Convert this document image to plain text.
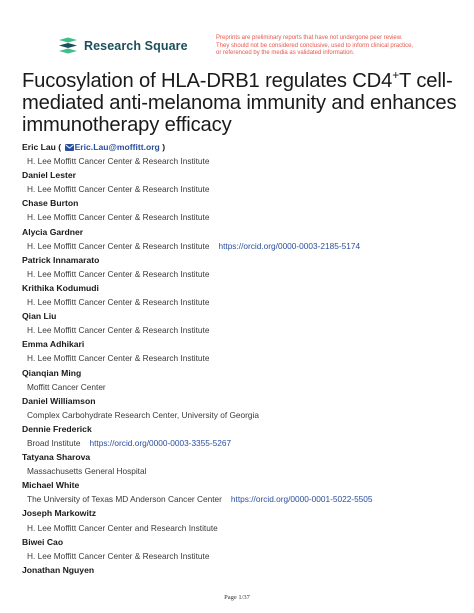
Research Square
Preprints are preliminary reports that have not undergone peer review.
They should not be considered conclusive, used to inform clinical practice,
or referenced by the media as validated information.
Fucosylation of HLA-DRB1 regulates CD4+T cell-
mediated anti-melanoma immunity and enhances
immunotherapy efficacy
Eric Lau ( Eric.Lau@moffitt.org )
H. Lee Moffitt Cancer Center & Research Institute
Daniel Lester
H. Lee Moffitt Cancer Center & Research Institute
Chase Burton
H. Lee Moffitt Cancer Center & Research Institute
Alycia Gardner
H. Lee Moffitt Cancer Center & Research Institute https://orcid.org/0000-0003-2185-5174
Patrick Innamarato
H. Lee Moffitt Cancer Center & Research Institute
Krithika Kodumudi
H. Lee Moffitt Cancer Center & Research Institute
Qian Liu
H. Lee Moffitt Cancer Center & Research Institute
Emma Adhikari
H. Lee Moffitt Cancer Center & Research Institute
Qianqian Ming
Moffitt Cancer Center
Daniel Williamson
Complex Carbohydrate Research Center, University of Georgia
Dennie Frederick
Broad Institute https://orcid.org/0000-0003-3355-5267
Tatyana Sharova
Massachusetts General Hospital
Michael White
The University of Texas MD Anderson Cancer Center https://orcid.org/0000-0001-5022-5505
Joseph Markowitz
H. Lee Moffitt Cancer Center and Research Institute
Biwei Cao
H. Lee Moffitt Cancer Center & Research Institute
Jonathan Nguyen
Page 1/37
